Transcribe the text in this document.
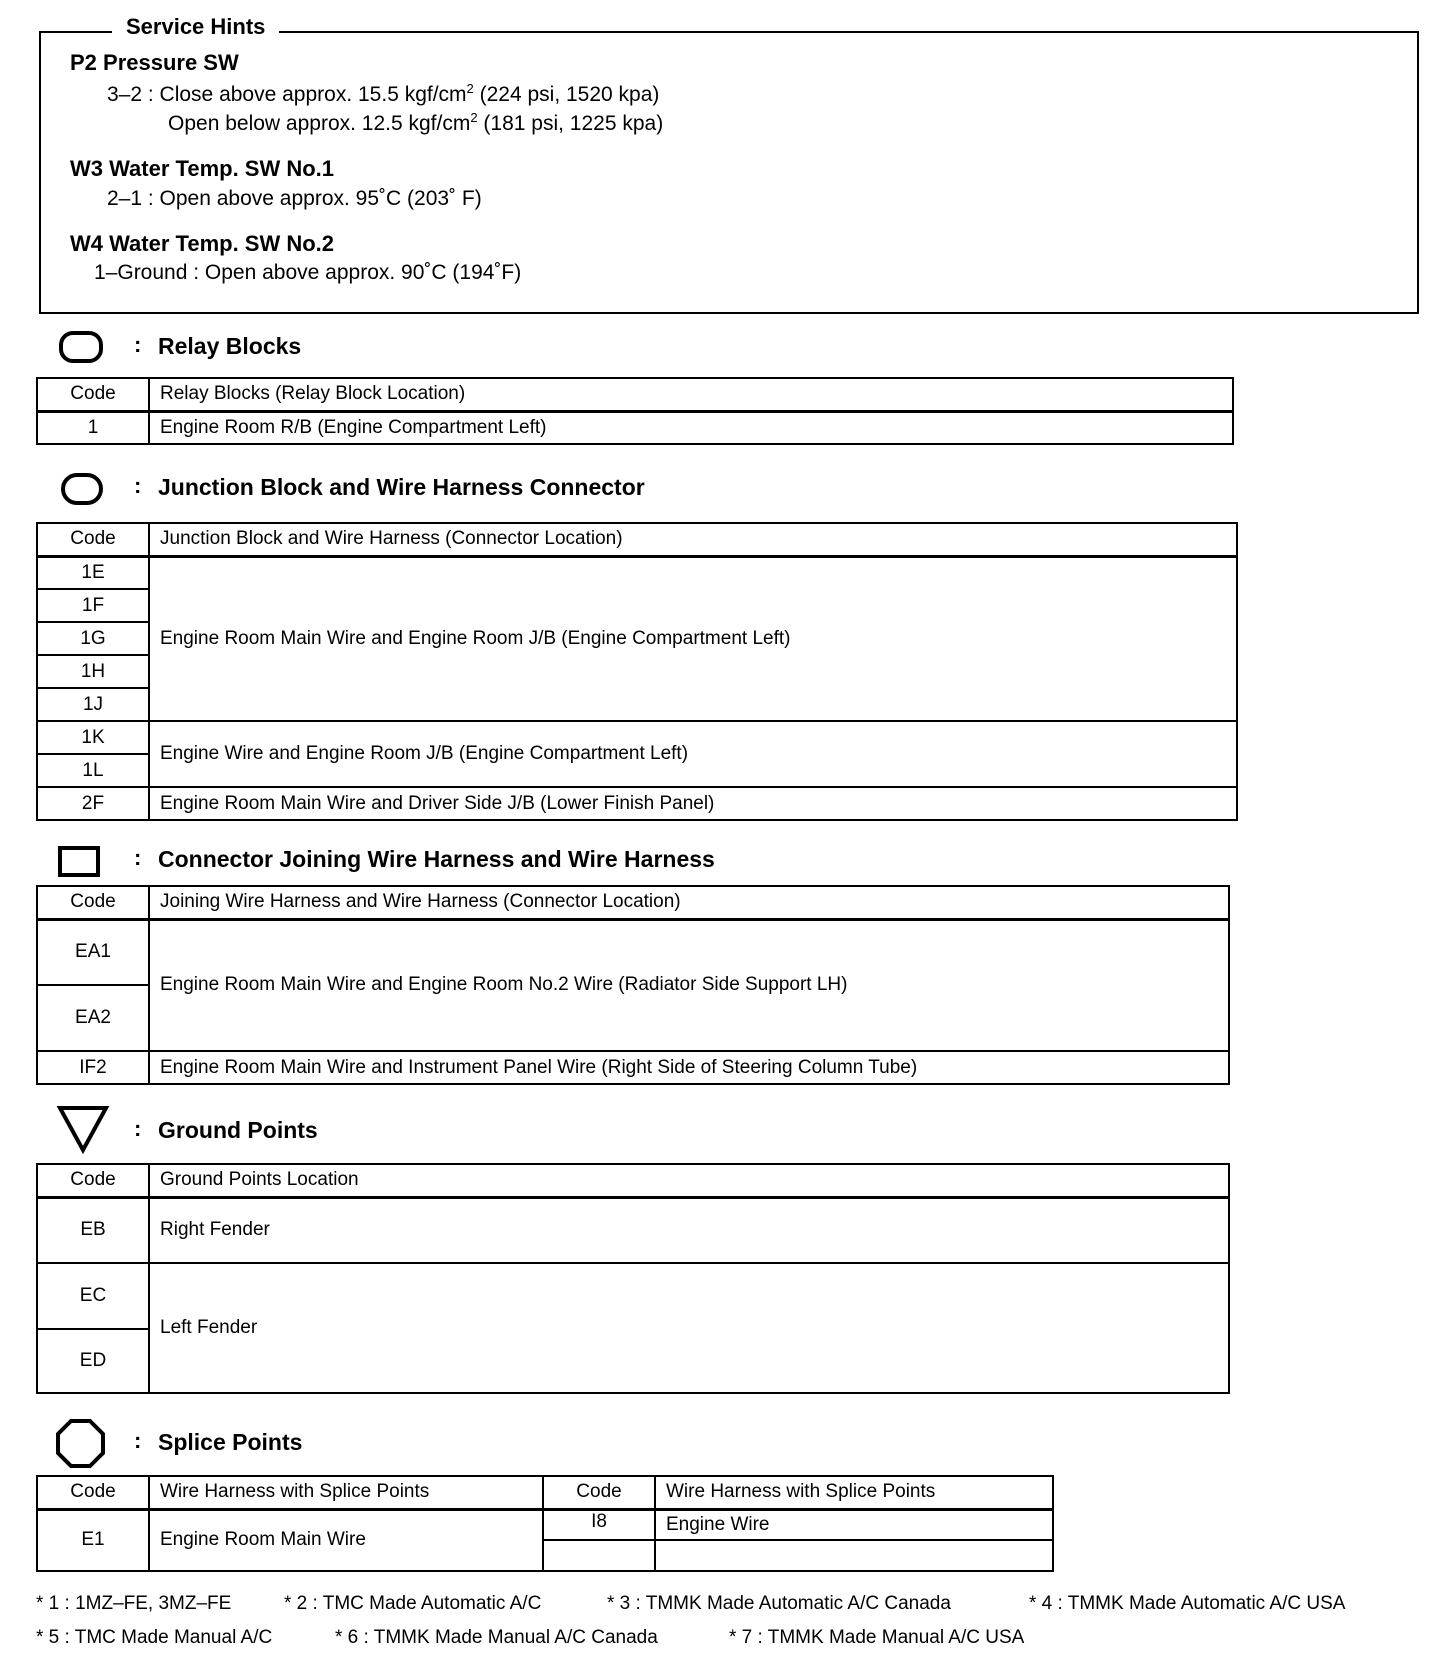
Service Hints
P2 Pressure SW
3–2 : Close above approx. 15.5 kgf/$cm^2$ (224 psi, 1520 kpa)
Open below approx. 12.5 kgf/$cm^2$ (181 psi, 1225 kpa)
W3 Water Temp. SW No.1
2–1 : Open above approx. 95˚C (203˚ F)
W4 Water Temp. SW No.2
1–Ground : Open above approx. 90˚C (194˚F)
: Relay Blocks
Code	Relay Blocks (Relay Block Location)
1	Engine Room R/B (Engine Compartment Left)
: Junction Block and Wire Harness Connector
Code	Junction Block and Wire Harness (Connector Location)
1E	Engine Room Main Wire and Engine Room J/B (Engine Compartment Left)
1F	
1G	
1H	
1J	
1K	Engine Wire and Engine Room J/B (Engine Compartment Left)
1L	
2F	Engine Room Main Wire and Driver Side J/B (Lower Finish Panel)
: Connector Joining Wire Harness and Wire Harness
Code	Joining Wire Harness and Wire Harness (Connector Location)
EA1	Engine Room Main Wire and Engine Room No.2 Wire (Radiator Side Support LH)
EA2	
IF2	Engine Room Main Wire and Instrument Panel Wire (Right Side of Steering Column Tube)
: Ground Points
Code	Ground Points Location
EB	Right Fender
EC	Left Fender
ED	
: Splice Points
Code	Wire Harness with Splice Points	Code	Wire Harness with Splice Points
E1	Engine Room Main Wire	I8	Engine Wire

* 1 : 1MZ–FE, 3MZ–FE	* 2 : TMC Made Automatic A/C	* 3 : TMMK Made Automatic A/C Canada	* 4 : TMMK Made Automatic A/C USA
* 5 : TMC Made Manual A/C	* 6 : TMMK Made Manual A/C Canada	* 7 : TMMK Made Manual A/C USA
